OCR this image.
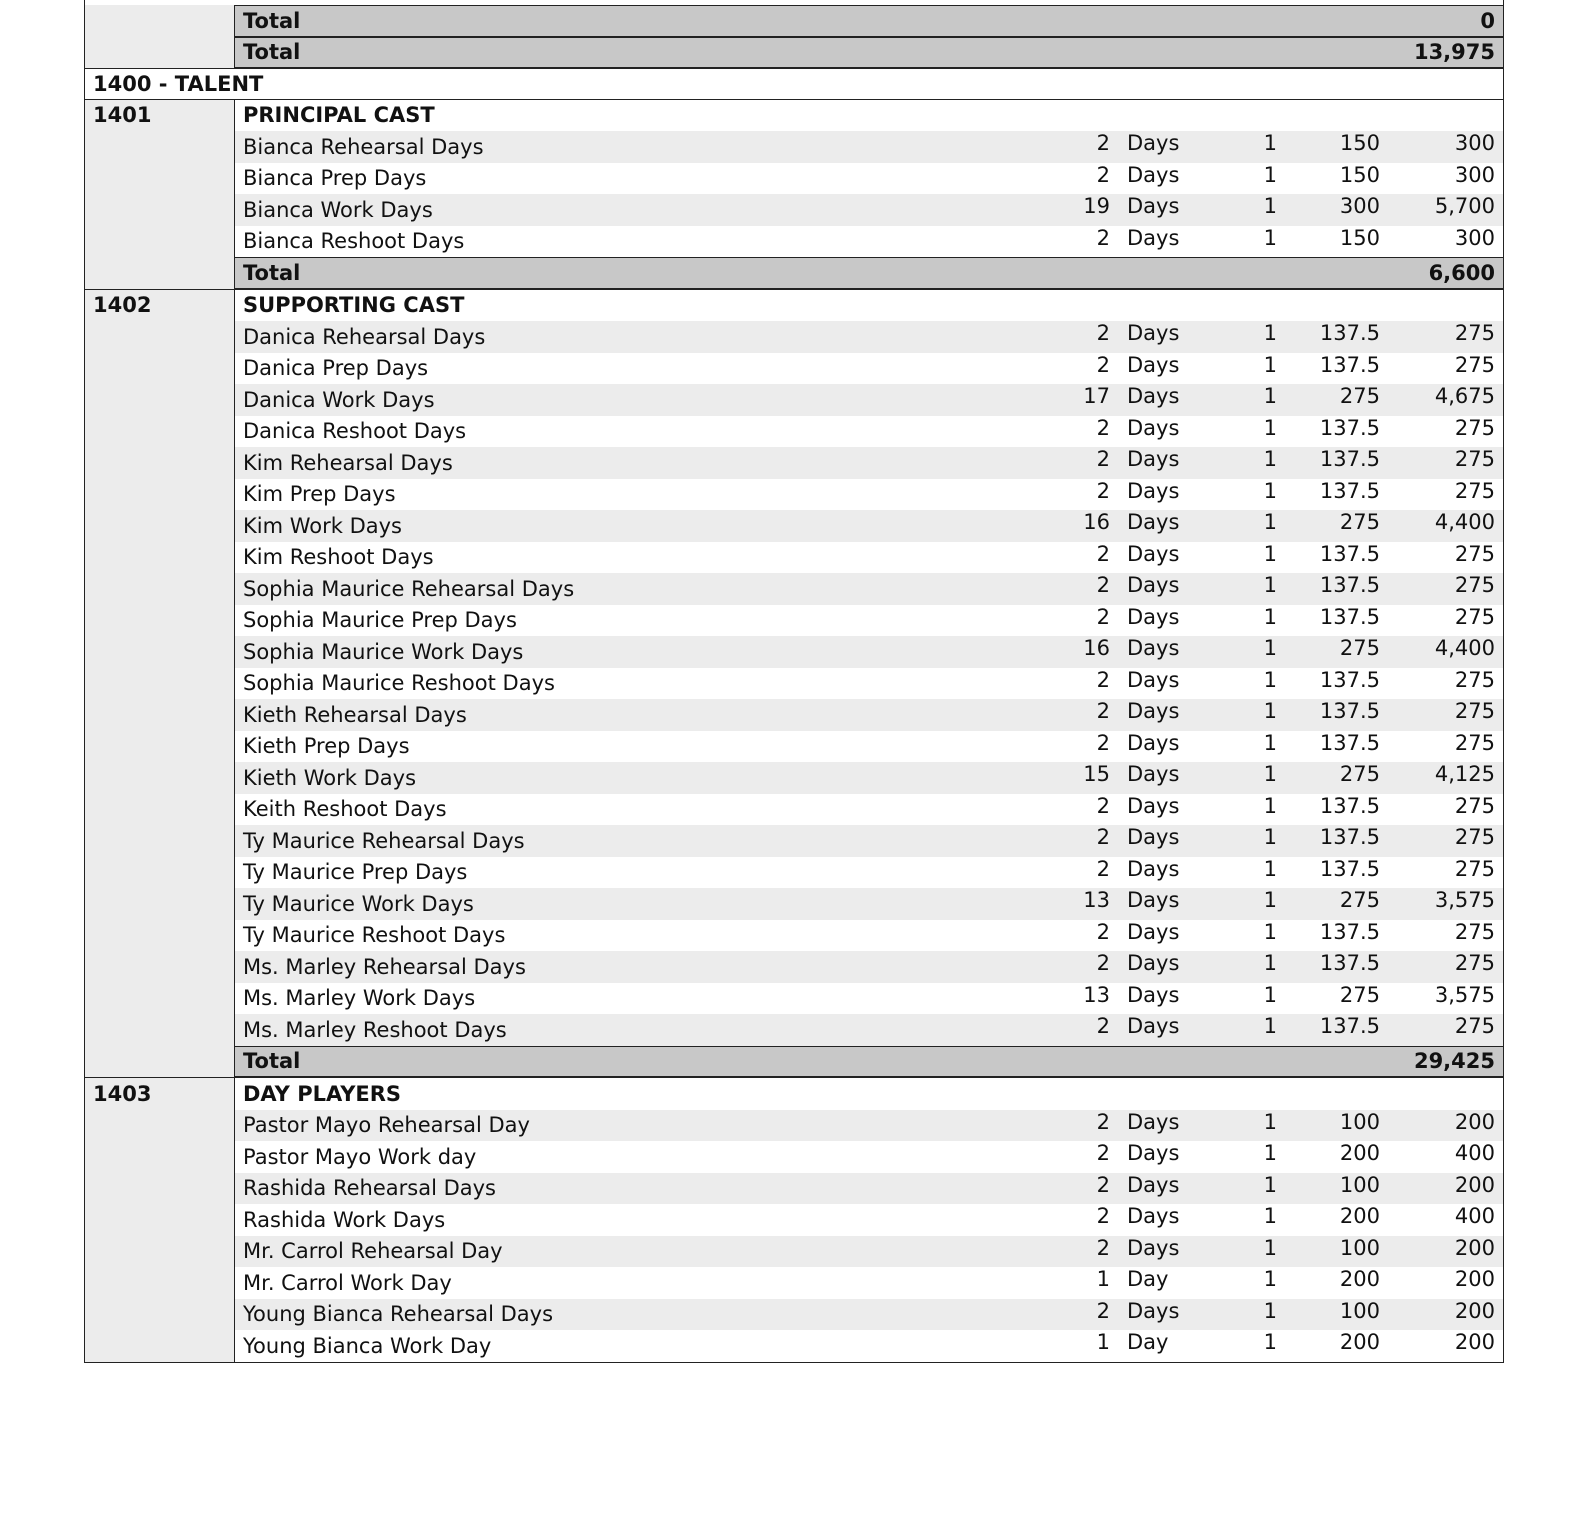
Total	0
Total	13,975
1400 - TALENT
1401	PRINCIPAL CAST
Bianca Rehearsal Days	2 Days	1	150	300
Bianca Prep Days	2 Days	1	150	300
Bianca Work Days	19 Days	1	300	5,700
Bianca Reshoot Days	2 Days	1	150	300
Total	6,600
1402	SUPPORTING CAST
Danica Rehearsal Days	2 Days	1	137.5	275
Danica Prep Days	2 Days	1	137.5	275
Danica Work Days	17 Days	1	275	4,675
Danica Reshoot Days	2 Days	1	137.5	275
Kim Rehearsal Days	2 Days	1	137.5	275
Kim Prep Days	2 Days	1	137.5	275
Kim Work Days	16 Days	1	275	4,400
Kim Reshoot Days	2 Days	1	137.5	275
Sophia Maurice Rehearsal Days	2 Days	1	137.5	275
Sophia Maurice Prep Days	2 Days	1	137.5	275
Sophia Maurice Work Days	16 Days	1	275	4,400
Sophia Maurice Reshoot Days	2 Days	1	137.5	275
Kieth Rehearsal Days	2 Days	1	137.5	275
Kieth Prep Days	2 Days	1	137.5	275
Kieth Work Days	15 Days	1	275	4,125
Keith Reshoot Days	2 Days	1	137.5	275
Ty Maurice Rehearsal Days	2 Days	1	137.5	275
Ty Maurice Prep Days	2 Days	1	137.5	275
Ty Maurice Work Days	13 Days	1	275	3,575
Ty Maurice Reshoot Days	2 Days	1	137.5	275
Ms. Marley Rehearsal Days	2 Days	1	137.5	275
Ms. Marley Work Days	13 Days	1	275	3,575
Ms. Marley Reshoot Days	2 Days	1	137.5	275
Total	29,425
1403	DAY PLAYERS
Pastor Mayo Rehearsal Day	2 Days	1	100	200
Pastor Mayo Work day	2 Days	1	200	400
Rashida Rehearsal Days	2 Days	1	100	200
Rashida Work Days	2 Days	1	200	400
Mr. Carrol Rehearsal Day	2 Days	1	100	200
Mr. Carrol Work Day	1 Day	1	200	200
Young Bianca Rehearsal Days	2 Days	1	100	200
Young Bianca Work Day	1 Day	1	200	200
